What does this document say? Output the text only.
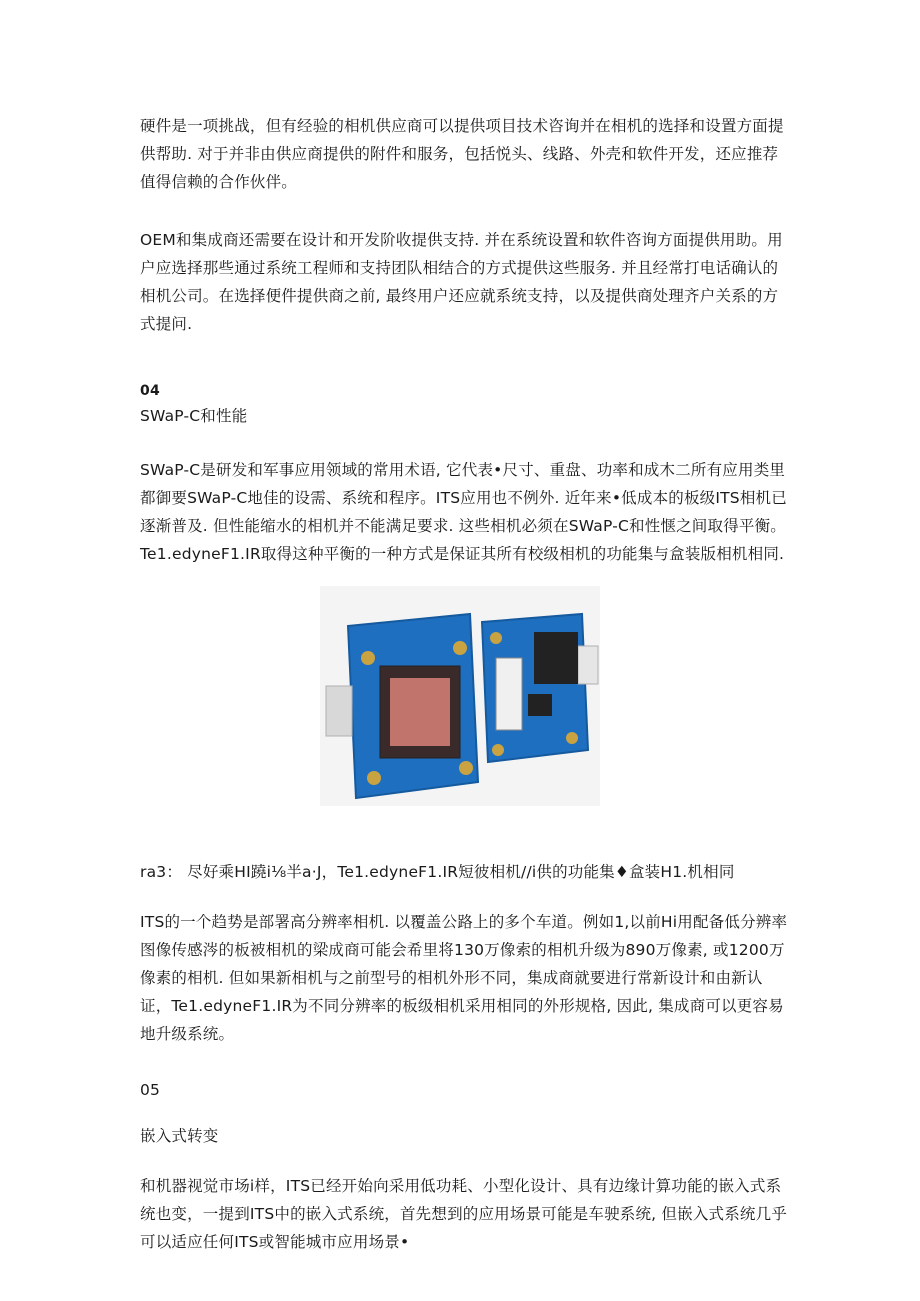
硬件是一项挑战，但有经验的相机供应商可以提供项目技术咨询并在相机的选择和设置方面提供帮助. 对于并非由供应商提供的附件和服务，包括悦头、线路、外壳和软件开发，还应推荐值得信赖的合作伙伴。

OEM和集成商还需要在设计和开发阶收提供支持. 并在系统设置和软件咨询方面提供用助。用户应选择那些通过系统工程师和支持团队相结合的方式提供这些服务. 并且经常打电话确认的相机公司。在选择便件提供商之前, 最终用户还应就系统支持，以及提供商处理齐户关系的方式提问.

04

SWaP-C和性能

SWaP-C是研发和军事应用领域的常用术语, 它代表•尺寸、重盘、功率和成木二所有应用类里都御要SWaP-C地佳的设需、系统和程序。ITS应用也不例外. 近年来•低成本的板级ITS相机已逐渐普及. 但性能缩水的相机并不能满足要求. 这些相机必须在SWaP-C和性惬之间取得平衡。Te1.edyneF1.IR取得这种平衡的一种方式是保证其所有校级相机的功能集与盒装版相机相同.

ra3： 尽好乘HI蹺i⅛半a·J，Te1.edyneF1.IR短彼相机//i供的功能集♦盒装H1.机相同

ITS的一个趋势是部署高分辨率相机. 以覆盖公路上的多个车道。例如1,以前Hi用配备低分辨率图像传感涔的板被相机的梁成商可能会希里将130万像索的相机升级为890万像素, 或1200万像素的相机. 但如果新相机与之前型号的相机外形不同，集成商就要进行常新设计和由新认证，Te1.edyneF1.IR为不同分辨率的板级相机采用相同的外形规格, 因此, 集成商可以更容易地升级系统。

05

嵌入式转变

和机器视觉市场i样，ITS已经开始向采用低功耗、小型化设计、具有边缘计算功能的嵌入式系统也变，一提到ITS中的嵌入式系统，首先想到的应用场景可能是车驶系统, 但嵌入式系统几乎可以适应任何ITS或智能城市应用场景•
